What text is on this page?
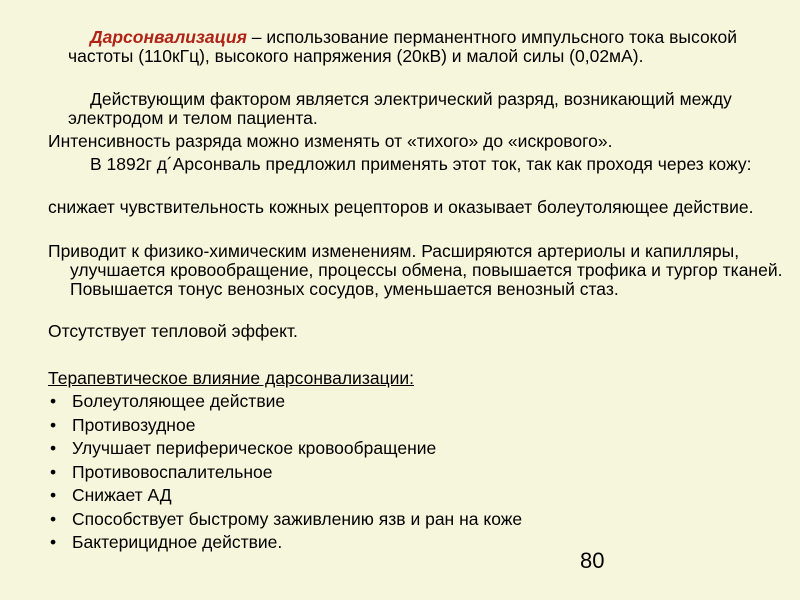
Дарсонвализация – использование перманентного импульсного тока высокой частоты (110кГц), высокого напряжения (20кВ) и малой силы (0,02мА).

Действующим фактором является электрический разряд, возникающий между электродом и телом пациента.

Интенсивность разряда можно изменять от «тихого» до «искрового».

В 1892г д´Арсонваль предложил применять этот ток, так как проходя через кожу:

снижает чувствительность кожных рецепторов и оказывает болеутоляющее действие.

Приводит к физико-химическим изменениям. Расширяются артериолы и капилляры, улучшается кровообращение, процессы обмена, повышается трофика и тургор тканей. Повышается тонус венозных сосудов, уменьшается венозный стаз.

Отсутствует тепловой эффект.

Терапевтическое влияние дарсонвализации:
• Болеутоляющее действие
• Противозудное
• Улучшает периферическое кровообращение
• Противовоспалительное
• Снижает АД
• Способствует быстрому заживлению язв и ран на коже
• Бактерицидное действие.
80
